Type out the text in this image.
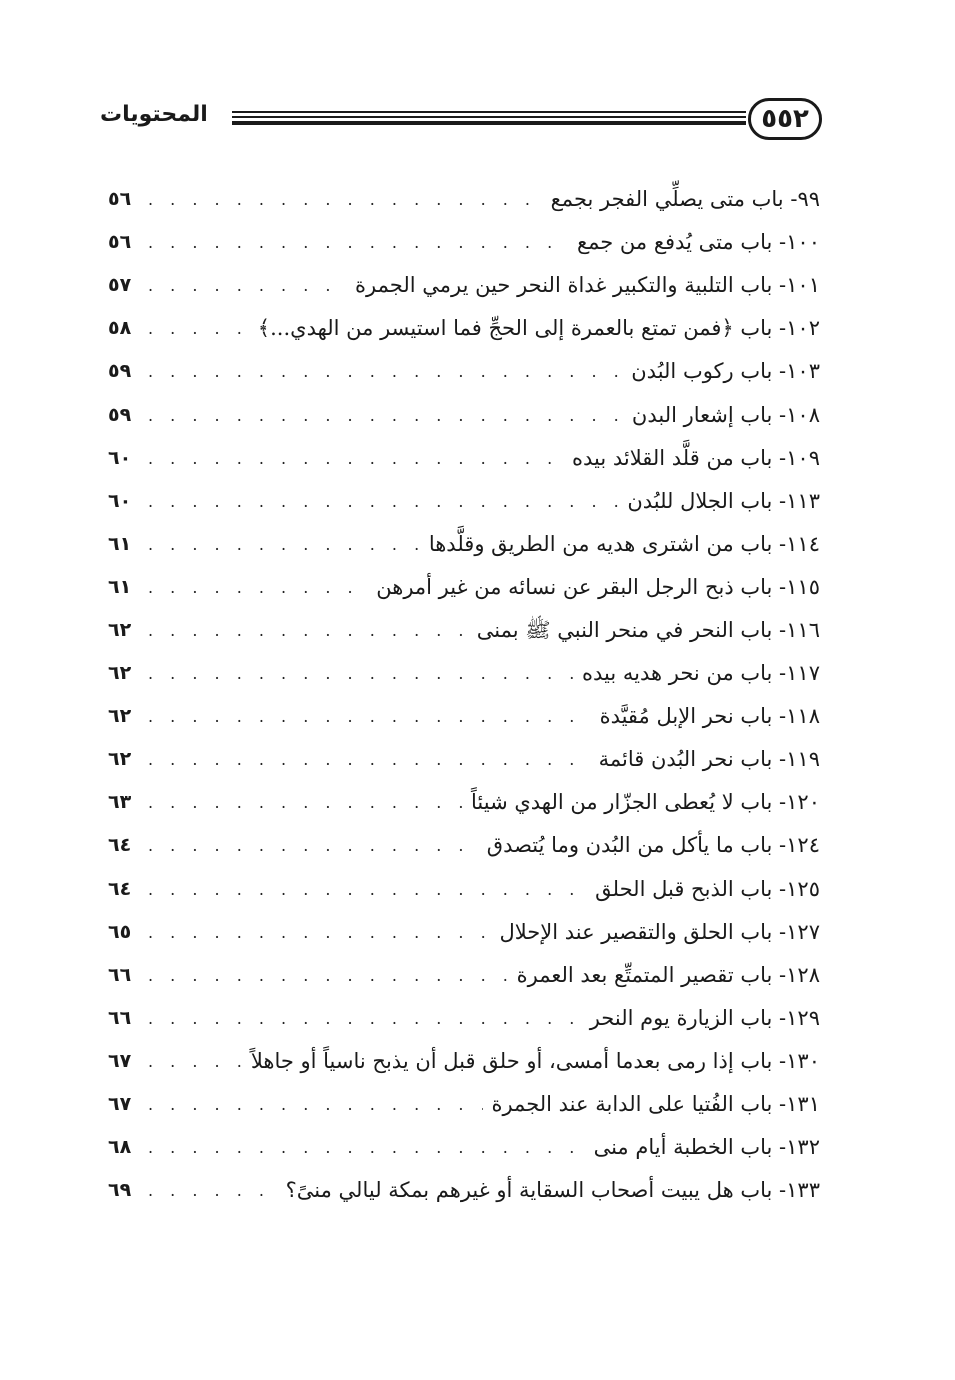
المحتويات	٥٥٢
٩٩- باب متى يصلِّي الفجر بجمع
. . .
٥٦
١٠٠- باب متى يُدفع من جمع
. . .
٥٦
١٠١- باب التلبية والتكبير غداة النحر حين يرمي الجمرة
. . .
٥٧
١٠٢- باب ﴿فمن تمتع بالعمرة إلى الحجِّ فما استيسر من الهدي...﴾
. . .
٥٨
١٠٣- باب ركوب البُدن
. . .
٥٩
١٠٨- باب إشعار البدن
. . .
٥٩
١٠٩- باب من قلَّد القلائد بيده
. . .
٦٠
١١٣- باب الجلال للبُدن
. . .
٦٠
١١٤- باب من اشترى هديه من الطريق وقلَّدها
. . .
٦١
١١٥- باب ذبح الرجل البقر عن نسائه من غير أمرهن
. . .
٦١
١١٦- باب النحر في منحر النبي ﷺ بمنى
. . .
٦٢
١١٧- باب من نحر هديه بيده
. . .
٦٢
١١٨- باب نحر الإبل مُقيَّدة
. . .
٦٢
١١٩- باب نحر البُدن قائمة
. . .
٦٢
١٢٠- باب لا يُعطى الجزّار من الهدي شيئاً
. . .
٦٣
١٢٤- باب ما يأكل من البُدن وما يُتصدق
. . .
٦٤
١٢٥- باب الذبح قبل الحلق
. . .
٦٤
١٢٧- باب الحلق والتقصير عند الإحلال
. . .
٦٥
١٢٨- باب تقصير المتمتِّع بعد العمرة
. . .
٦٦
١٢٩- باب الزيارة يوم النحر
. . .
٦٦
١٣٠- باب إذا رمى بعدما أمسى، أو حلق قبل أن يذبح ناسياً أو جاهلاً
. . .
٦٧
١٣١- باب الفُتيا على الدابة عند الجمرة
. . .
٦٧
١٣٢- باب الخطبة أيام منى
. . .
٦٨
١٣٣- باب هل يبيت أصحاب السقاية أو غيرهم بمكة ليالي منىً؟
. . .
٦٩
